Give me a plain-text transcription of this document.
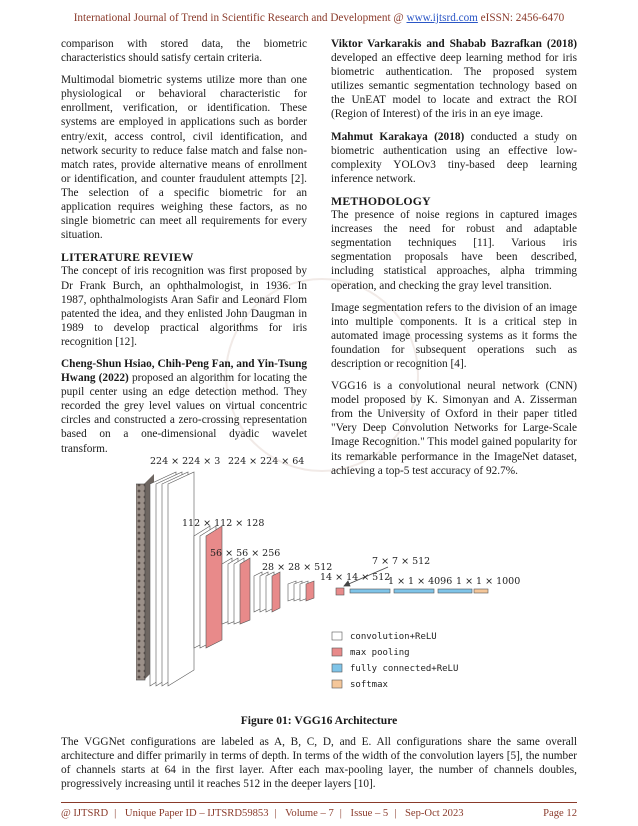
International Journal of Trend in Scientific Research and Development @ www.ijtsrd.com eISSN: 2456-6470

comparison with stored data, the biometric characteristics should satisfy certain criteria.

Multimodal biometric systems utilize more than one physiological or behavioral characteristic for enrollment, verification, or identification. These systems are employed in applications such as border entry/exit, access control, civil identification, and network security to reduce false match and false non-match rates, provide alternative means of enrollment or identification, and counter fraudulent attempts [2]. The selection of a specific biometric for an application requires weighing these factors, as no single biometric can meet all requirements for every situation.

LITERATURE REVIEW

The concept of iris recognition was first proposed by Dr Frank Burch, an ophthalmologist, in 1936. In 1987, ophthalmologists Aran Safir and Leonard Flom patented the idea, and they enlisted John Daugman in 1989 to develop practical algorithms for iris recognition [12].

Cheng-Shun Hsiao, Chih-Peng Fan, and Yin-Tsung Hwang (2022) proposed an algorithm for locating the pupil center using an edge detection method. They recorded the grey level values on virtual concentric circles and constructed a zero-crossing representation based on a one-dimensional dyadic wavelet transform.

Viktor Varkarakis and Shabab Bazrafkan (2018) developed an effective deep learning method for iris biometric authentication. The proposed system utilizes semantic segmentation technology based on the UnEAT model to locate and extract the ROI (Region of Interest) of the iris in an eye image.

Mahmut Karakaya (2018) conducted a study on biometric authentication using an effective low-complexity YOLOv3 tiny-based deep learning inference network.

METHODOLOGY

The presence of noise regions in captured images increases the need for robust and adaptable segmentation techniques [11]. Various iris segmentation proposals have been described, including statistical approaches, alpha trimming operation, and checking the gray level transition.

Image segmentation refers to the division of an image into multiple components. It is a critical step in automated image processing systems as it forms the foundation for subsequent operations such as description or recognition [4].

VGG16 is a convolutional neural network (CNN) model proposed by K. Simonyan and A. Zisserman from the University of Oxford in their paper titled "Very Deep Convolution Networks for Large-Scale Image Recognition." This model gained popularity for its remarkable performance in the ImageNet dataset, achieving a top-5 test accuracy of 92.7%.

224 × 224 × 3 224 × 224 × 64
112 × 112 × 128
56 × 56 × 256
28 × 28 × 512
14 × 14 × 512
7 × 7 × 512
1 × 1 × 4096 1 × 1 × 1000
convolution+ReLU
max pooling
fully connected+ReLU
softmax
Figure 01: VGG16 Architecture
The VGGNet configurations are labeled as A, B, C, D, and E. All configurations share the same overall architecture and differ primarily in terms of depth. In terms of the width of the convolution layers [5], the number of channels starts at 64 in the first layer. After each max-pooling layer, the number of channels doubles, progressively increasing until it reaches 512 in the deeper layers [10].
@ IJTSRD | Unique Paper ID – IJTSRD59853 | Volume – 7 | Issue – 5 | Sep-Oct 2023	Page 12
